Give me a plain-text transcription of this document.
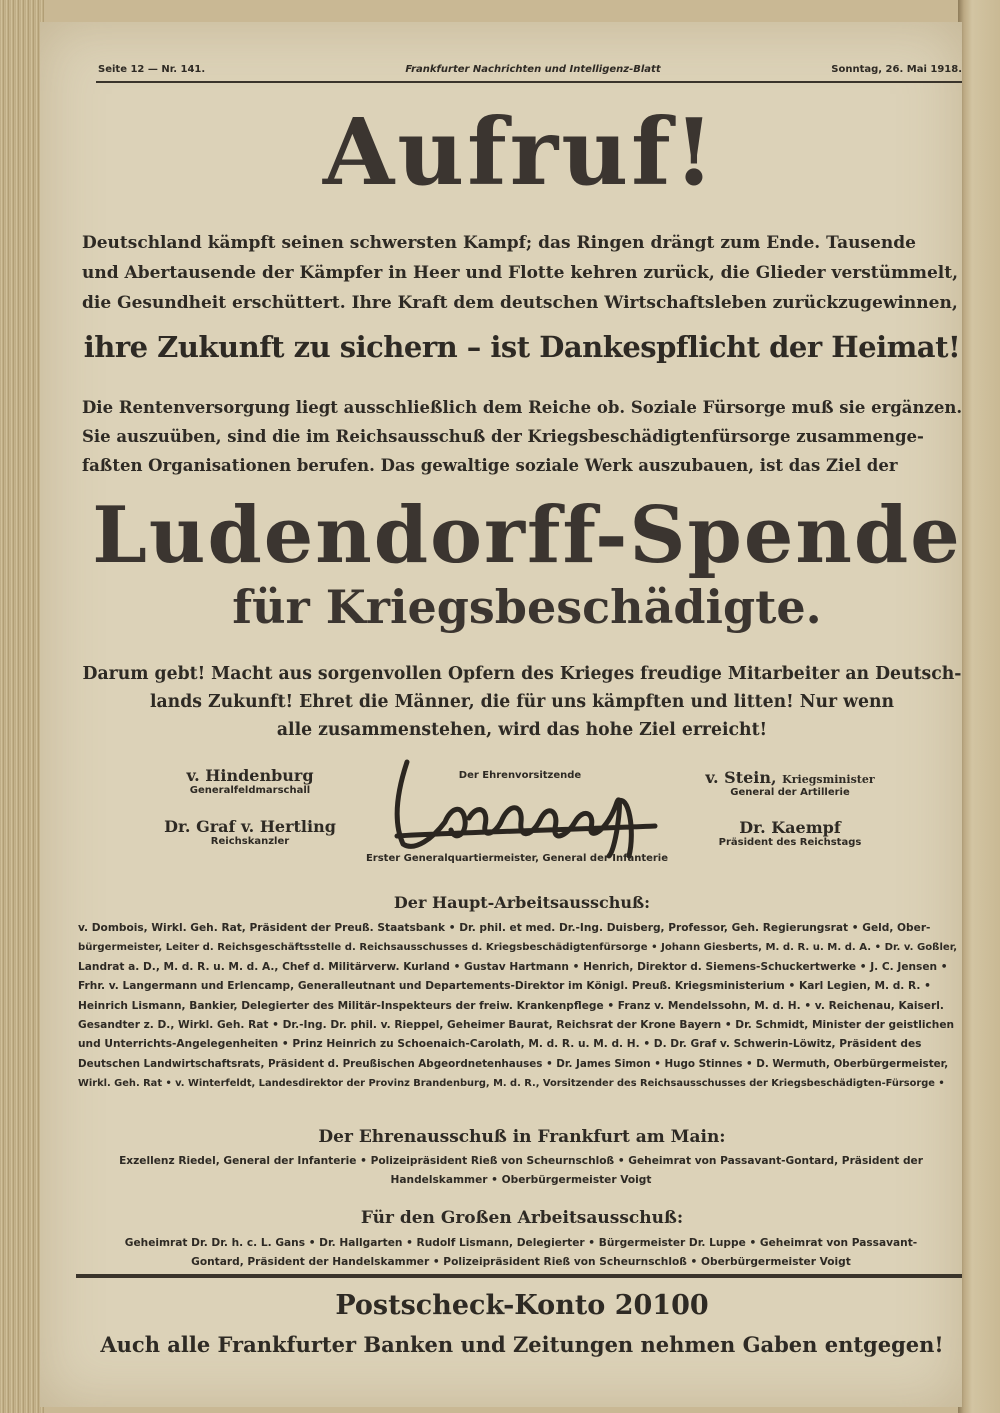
Seite 12 — Nr. 141.	Frankfurter Nachrichten und Intelligenz-Blatt	Sonntag, 26. Mai 1918.
Aufruf!
Deutschland kämpft seinen schwersten Kampf; das Ringen drängt zum Ende. Tausende
und Abertausende der Kämpfer in Heer und Flotte kehren zurück, die Glieder verstümmelt,
die Gesundheit erschüttert. Ihre Kraft dem deutschen Wirtschaftsleben zurückzugewinnen,
ihre Zukunft zu sichern – ist Dankespflicht der Heimat!
Die Rentenversorgung liegt ausschließlich dem Reiche ob. Soziale Fürsorge muß sie ergänzen.
Sie auszuüben, sind die im Reichsausschuß der Kriegsbeschädigtenfürsorge zusammenge-
faßten Organisationen berufen. Das gewaltige soziale Werk auszubauen, ist das Ziel der
Ludendorff-Spende
für Kriegsbeschädigte.
Darum gebt! Macht aus sorgenvollen Opfern des Krieges freudige Mitarbeiter an Deutsch-
lands Zukunft! Ehret die Männer, die für uns kämpften und litten! Nur wenn
alle zusammenstehen, wird das hohe Ziel erreicht!
v. Hindenburg
Generalfeldmarschall
Dr. Graf v. Hertling
Reichskanzler
Der Ehrenvorsitzende
Erster Generalquartiermeister, General der Infanterie
v. Stein, Kriegsminister
General der Artillerie
Dr. Kaempf
Präsident des Reichstags
Der Haupt-Arbeitsausschuß:
v. Dombois, Wirkl. Geh. Rat, Präsident der Preuß. Staatsbank • Dr. phil. et med. Dr.-Ing. Duisberg, Professor, Geh. Regierungsrat • Geld, Ober-
bürgermeister, Leiter d. Reichsgeschäftsstelle d. Reichsausschusses d. Kriegsbeschädigtenfürsorge • Johann Giesberts, M. d. R. u. M. d. A. • Dr. v. Goßler,
Landrat a. D., M. d. R. u. M. d. A., Chef d. Militärverw. Kurland • Gustav Hartmann • Henrich, Direktor d. Siemens-Schuckertwerke • J. C. Jensen •
Frhr. v. Langermann und Erlencamp, Generalleutnant und Departements-Direktor im Königl. Preuß. Kriegsministerium • Karl Legien, M. d. R. •
Heinrich Lismann, Bankier, Delegierter des Militär-Inspekteurs der freiw. Krankenpflege • Franz v. Mendelssohn, M. d. H. • v. Reichenau, Kaiserl.
Gesandter z. D., Wirkl. Geh. Rat • Dr.-Ing. Dr. phil. v. Rieppel, Geheimer Baurat, Reichsrat der Krone Bayern • Dr. Schmidt, Minister der geistlichen
und Unterrichts-Angelegenheiten • Prinz Heinrich zu Schoenaich-Carolath, M. d. R. u. M. d. H. • D. Dr. Graf v. Schwerin-Löwitz, Präsident des
Deutschen Landwirtschaftsrats, Präsident d. Preußischen Abgeordnetenhauses • Dr. James Simon • Hugo Stinnes • D. Wermuth, Oberbürgermeister,
Wirkl. Geh. Rat • v. Winterfeldt, Landesdirektor der Provinz Brandenburg, M. d. R., Vorsitzender des Reichsausschusses der Kriegsbeschädigten-Fürsorge •
Der Ehrenausschuß in Frankfurt am Main:
Exzellenz Riedel, General der Infanterie • Polizeipräsident Rieß von Scheurnschloß • Geheimrat von Passavant-Gontard, Präsident der
Handelskammer • Oberbürgermeister Voigt
Für den Großen Arbeitsausschuß:
Geheimrat Dr. Dr. h. c. L. Gans • Dr. Hallgarten • Rudolf Lismann, Delegierter • Bürgermeister Dr. Luppe • Geheimrat von Passavant-
Gontard, Präsident der Handelskammer • Polizeipräsident Rieß von Scheurnschloß • Oberbürgermeister Voigt
Postscheck-Konto 20100
Auch alle Frankfurter Banken und Zeitungen nehmen Gaben entgegen!
